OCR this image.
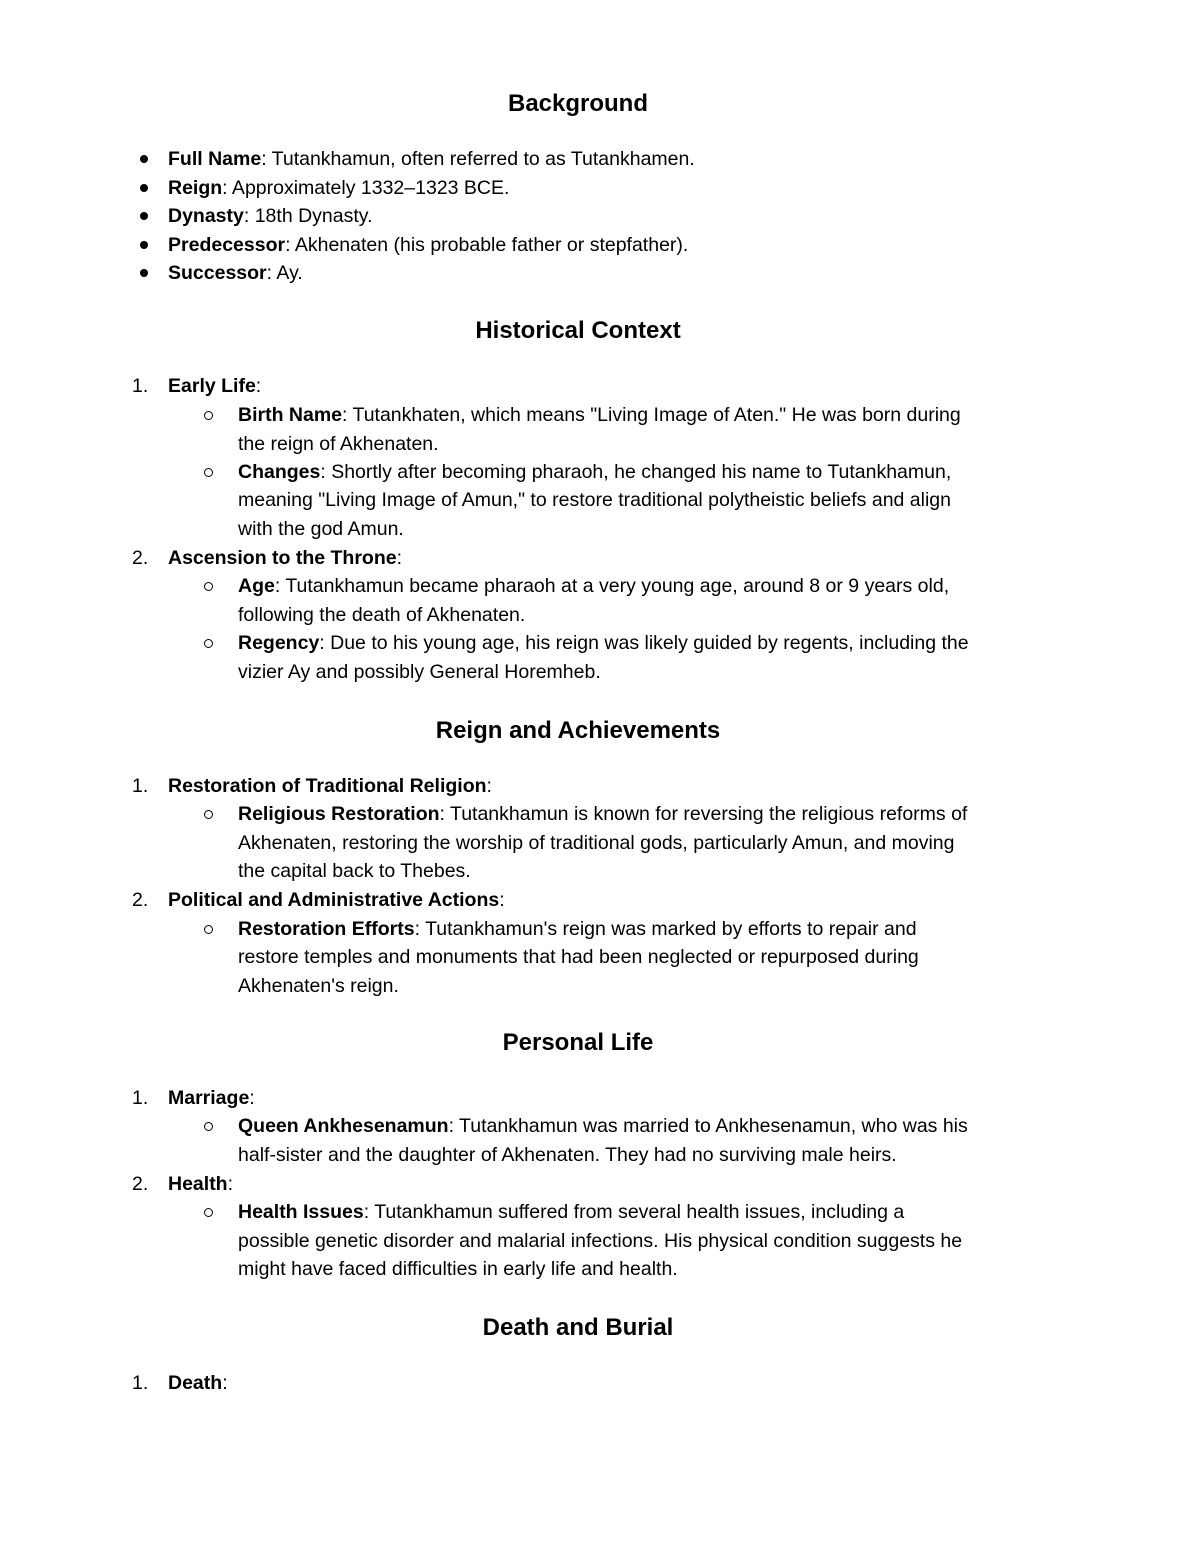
Background
Full Name: Tutankhamun, often referred to as Tutankhamen.
Reign: Approximately 1332–1323 BCE.
Dynasty: 18th Dynasty.
Predecessor: Akhenaten (his probable father or stepfather).
Successor: Ay.
Historical Context
1. Early Life:
Birth Name: Tutankhaten, which means "Living Image of Aten." He was born during
the reign of Akhenaten.
Changes: Shortly after becoming pharaoh, he changed his name to Tutankhamun,
meaning "Living Image of Amun," to restore traditional polytheistic beliefs and align
with the god Amun.
2. Ascension to the Throne:
Age: Tutankhamun became pharaoh at a very young age, around 8 or 9 years old,
following the death of Akhenaten.
Regency: Due to his young age, his reign was likely guided by regents, including the
vizier Ay and possibly General Horemheb.
Reign and Achievements
1. Restoration of Traditional Religion:
Religious Restoration: Tutankhamun is known for reversing the religious reforms of
Akhenaten, restoring the worship of traditional gods, particularly Amun, and moving
the capital back to Thebes.
2. Political and Administrative Actions:
Restoration Efforts: Tutankhamun's reign was marked by efforts to repair and
restore temples and monuments that had been neglected or repurposed during
Akhenaten's reign.
Personal Life
1. Marriage:
Queen Ankhesenamun: Tutankhamun was married to Ankhesenamun, who was his
half-sister and the daughter of Akhenaten. They had no surviving male heirs.
2. Health:
Health Issues: Tutankhamun suffered from several health issues, including a
possible genetic disorder and malarial infections. His physical condition suggests he
might have faced difficulties in early life and health.
Death and Burial
1. Death:
